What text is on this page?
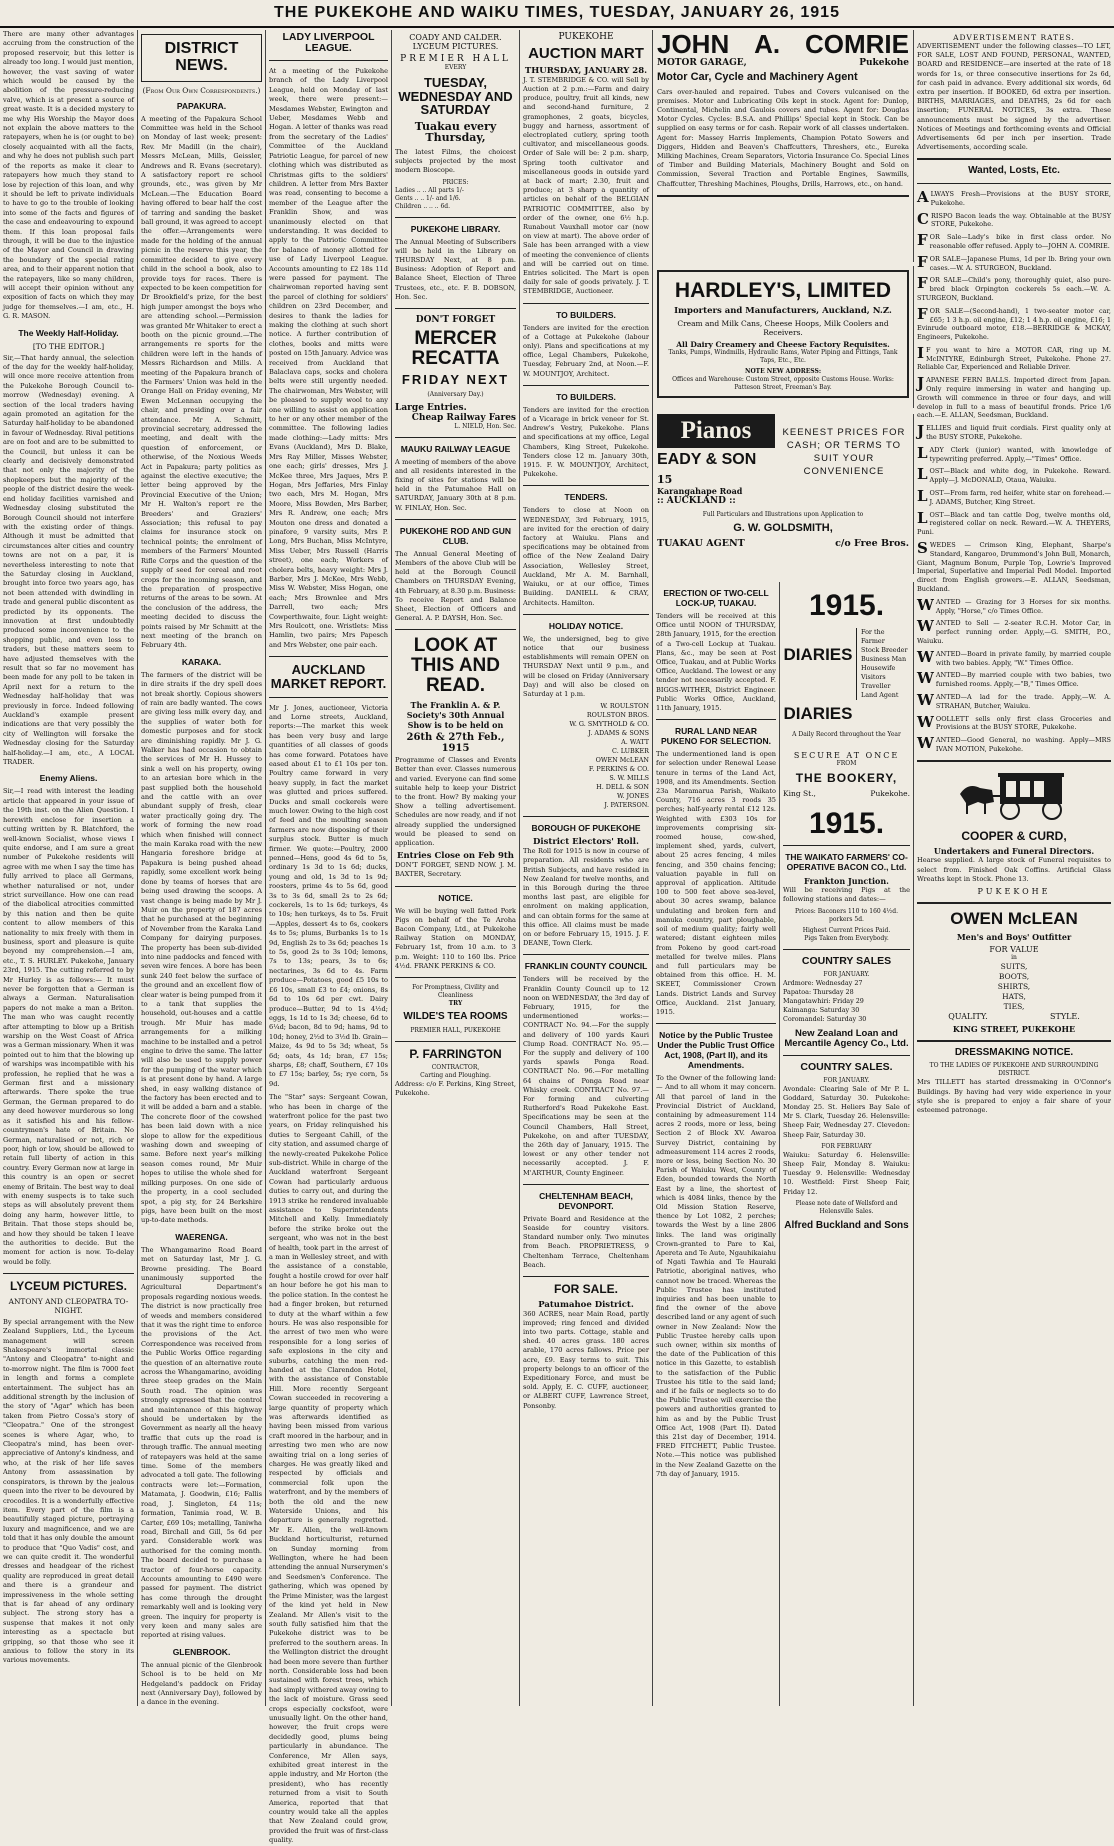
THE PUKEKOHE AND WAIKU TIMES, TUESDAY, JANUARY 26, 1915

There are many other advantages accruing from the construction of the proposed reservoir, but this letter is already too long. I would just mention, however, the vast saving of water which would be caused by the abolition of the pressure-reducing valve, which is at present a source of great waste. It is a decided mystery to me why His Worship the Mayor does not explain the above matters to the ratepayers, when he is (or ought to be) closely acquainted with all the facts, and why he does not publish such part of the reports as make it clear to ratepayers how much they stand to lose by rejection of this loan, and why it should be left to private individuals to have to go to the trouble of looking into some of the facts and figures of the case and endeavouring to expound them. If this loan proposal fails through, it will be due to the injustice of the Mayor and Council in drawing the boundary of the special rating area, and to their apparent notion that the ratepayers, like so many children, will accept their opinion without any exposition of facts on which they may judge for themselves.—I am, etc., H. G. R. MASON.

The Weekly Half-Holiday.
[TO THE EDITOR.]

Sir,—That hardy annual, the selection of the day for the weekly half-holiday, will once more receive attention from the Pukekohe Borough Council to-morrow (Wednesday) evening. A section of the local traders having again promoted an agitation for the Saturday half-holiday to be abandoned in favour of Wednesday. Rival petitions are on foot and are to be submitted to the Council, but unless it can be clearly and decisively demonstrated that not only the majority of the shopkeepers but the majority of the people of the district desire the week-end holiday facilities varnished and Wednesday closing substituted the Borough Council should not interfere with the existing order of things. Although it must be admitted that circumstances alter cities and country towns are not on a par, it is nevertheless interesting to note that the Saturday closing in Auckland, brought into force two years ago, has not been attended with dwindling in trade and general public discontent as predicted by its opponents. The innovation at first undoubtedly produced some inconvenience to the shopping public, and even loss to traders, but these matters seem to have adjusted themselves with the result that so far no movement has been made for any poll to be taken in April next for a return to the Wednesday half-holiday that was previously in force. Indeed following Auckland's example present indications are that very possibly the city of Wellington will forsake the Wednesday closing for the Saturday half-holiday.—I am, etc., A LOCAL TRADER.

Enemy Aliens.

Sir,—I read with interest the leading article that appeared in your issue of the 19th inst. on the Alien Question. I herewith enclose for insertion a cutting written by R. Blatchford, the well-known Socialist, whose views I quite endorse, and I am sure a great number of Pukekohe residents will agree with me when I say the time has fully arrived to place all Germans, whether naturalised or not, under strict surveillance. How one can read of the diabolical atrocities committed by this nation and then be quite content to allow members of this nationality to mix freely with them in business, sport and pleasure is quite beyond my comprehension.—I am, etc., T. S. HURLEY. Pukekohe, January 23rd, 1915. The cutting referred to by Mr Hurley is as follows:— It must never be forgotten that a German is always a German. Naturalisation papers do not make a man a Briton. The man who was caught recently after attempting to blow up a British warship on the West Coast of Africa was a German missionary. When it was pointed out to him that the blowing up of warships was incompatible with his profession, he replied that he was a German first and a missionary afterwards. There spoke the true German, the German prepared to do any deed however murderous so long as it satisfied his and his fellow-countrymen's hate of Britain. No German, naturalised or not, rich or poor, high or low, should be allowed to retain full liberty of action in this country. Every German now at large in this country is an open or secret enemy of Britain. The best way to deal with enemy suspects is to take such steps as will absolutely prevent them doing any harm, however little, to Britain. That those steps should be, and how they should be taken I leave the authorities to decide. But the moment for action is now. To-delay would be folly.

LYCEUM PICTURES.
ANTONY AND CLEOPATRA TO-NIGHT.

By special arrangement with the New Zealand Suppliers, Ltd., the Lyceum management will screen Shakespeare's immortal classic "Antony and Cleopatra" to-night and to-morrow night. The film is 7000 feet in length and forms a complete entertainment. The subject has an additional strength by the inclusion of the story of "Agar" which has been taken from Pietro Cossa's story of "Cleopatra." One of the strongest scenes is where Agar, who, to Cleopatra's mind, has been over-appreciative of Antony's kindness, and who, at the risk of her life saves Antony from assassination by conspirators, is thrown by the jealous queen into the river to be devoured by crocodiles. It is a wonderfully effective item. Every part of the film is a beautifully staged picture, portraying luxury and magnificence, and we are told that it has only double the amount to produce that "Quo Vadis" cost, and we can quite credit it. The wonderful dresses and headgear of the richest quality are reproduced in great detail and there is a grandeur and impressiveness in the whole setting that is far ahead of any ordinary subject. The strong story has a suspense that makes it not only interesting as a spectacle but gripping, so that those who see it anxious to follow the story in its various movements.

DISTRICT NEWS.
(From Our Own Correspondents.)
PAPAKURA.

A meeting of the Papakura School Committee was held in the School on Monday of last week; present: Rev. Mr Madill (in the chair), Messrs McLean, Mills, Geissler, Andrews and R. Evans (secretary). A satisfactory report re school grounds, etc., was given by Mr McLean.—The Education Board having offered to bear half the cost of tarring and sanding the basket ball ground, it was agreed to accept the offer.—Arrangements were made for the holding of the annual picnic in the reserve this year, the committee decided to give every child in the school a book, also to provide toys for races. There is expected to be keen competition for Dr Brookfield's prize, for the best high jumper amongst the boys who are attending school.—Permission was granted Mr Whitaker to erect a booth on the picnic ground.—The arrangements re sports for the children were left in the hands of Messrs Richardson and Mills. A meeting of the Papakura branch of the Farmers' Union was held in the Orange Hall on Friday evening, Mr Ewen McLennan occupying the chair, and presiding over a fair attendance. Mr A. Schmitt, provincial secretary, addressed the meeting, and dealt with the question of enforcement, or otherwise, of the Noxious Weeds Act in Papakura; party politics as against the elective executive; the letter being approved by the Provincial Executive of the Union; Mr H. Walton's report re the Breeders' and Graziers' Association; this refusal to pay claims for insurance stock on technical points; the enrolment of members of the Farmers' Mounted Rifle Corps and the question of the supply of seed for cereal and root crops for the incoming season, and the preparation of prospective returns of the areas to be sown. At the conclusion of the address, the meeting decided to discuss the points raised by Mr Schmitt at the next meeting of the branch on February 4th.

KARAKA.

The farmers of the district will be in dire straits if the dry spell does not break shortly. Copious showers of rain are badly wanted. The cows are giving less milk every day, and the supplies of water both for domestic purposes and for stock are diminishing rapidly. Mr J. G. Walker has had occasion to obtain the services of Mr H. Hussey to sink a well on his property, owing to an artesian bore which in the past supplied both the household and the cattle with an over abundant supply of fresh, clear water practically going dry. The work of forming the new road which when finished will connect the main Karaka road with the new Hangaria foreshore bridge at Papakura is being pushed ahead rapidly, some excellent work being done by teams of horses that are being used drawing the scoops. A vast change is being made by Mr J. Muir on the property of 187 acres that he purchased at the beginning of November from the Karaka Land Company for dairying purposes. The property has been sub-divided into nine paddocks and fenced with seven wire fences. A bore has been sunk 240 feet below the surface of the ground and an excellent flow of clear water is being pumped from it to a tank that supplies the household, out-houses and a cattle trough. Mr Muir has made arrangements for a milking machine to be installed and a petrol engine to drive the same. The latter will also be used to supply power for the pumping of the water which is at present done by hand. A large shed, in easy walking distance of the factory has been erected and to it will be added a barn and a stable. The concrete floor of the cowshed has been laid down with a nice slope to allow for the expeditious washing down and sweeping of same. Before next year's milking season comes round, Mr Muir hopes to utilise the whole shed for milking purposes. On one side of the property, in a cool secluded spot, a pig sty, for 24 Berkshire pigs, have been built on the most up-to-date methods.

WAERENGA.

The Whangamarino Road Board met on Saturday last, Mr J. G. Browne presiding. The Board unanimously supported the Agricultural Department's proposals regarding noxious weeds. The district is now practically free of weeds and members considered that it was the right time to enforce the provisions of the Act. Correspondence was received from the Public Works Office regarding the question of an alternative route across the Whangamarino, avoiding three steep grades on the Main South road. The opinion was strongly expressed that the control and maintenance of this highway should be undertaken by the Government as nearly all the heavy traffic that cuts up the road is through traffic. The annual meeting of ratepayers was held at the same time. Some of the members advocated a toll gate. The following contracts were let:—Formation, Matamata, J. Goodwin, £16; Fallis road, J. Singleton, £4 11s; formation, Tanimia road, W. B. Carter, £69 10s; metalling, Taniwha road, Birchall and Gill, 5s 6d per yard. Considerable work was authorised for the coming month. The board decided to purchase a tractor of four-horse capacity. Accounts amounting to £490 were passed for payment. The district has come through the drought remarkably well and is looking very green. The inquiry for property is very keen and many sales are reported at rising values.

GLENBROOK.

The annual picnic of the Glenbrook School is to be held on Mr Hedgeland's paddock on Friday next (Anniversary Day), followed by a dance in the evening.

LADY LIVERPOOL LEAGUE.

At a meeting of the Pukekohe branch of the Lady Liverpool League, held on Monday of last week, there were present:—Mesdames Webster, Ewington and Ueber, Mesdames Webb and Hogan. A letter of thanks was read from the secretary of the Ladies' Committee of the Auckland Patriotic League, for parcel of new clothing which was distributed as Christmas gifts to the soldiers' children. A letter from Mrs Baxter was read, consenting to become a member of the League after the Franklin Show, and was unanimously elected on that understanding. It was decided to apply to the Patriotic Committee for balance of money allotted for use of Lady Liverpool League. Accounts amounting to £2 18s 11d were passed for payment. The chairwoman reported having sent the parcel of clothing for soldiers' children on 23rd December, and desires to thank the ladies for making the clothing at such short notice. A further contribution of clothes, books and mitts were posted on 15th January. Advice was received from Auckland that Balaclava caps, socks and cholera belts were still urgently needed. The chairwoman, Mrs Webster, will be pleased to supply wool to any one willing to assist on application to her or any other member of the committee. The following ladies made clothing:—Lady mitts: Mrs Evans (Auckland), Mrs D. Blake, Mrs Ray Miller, Misses Webster, one each; girls' dresses, Mrs J. McKee three, Mrs Jaques, Mrs P. Hogan, Mrs Jeffaries, Mrs Finlay two each, Mrs M. Hogan, Mrs Moore, Miss Bowden, Mrs Barber, Mrs R. Andrew, one each; Mrs Mouton one dress and donated a pinafore, 9 varsity suits, Mrs P. Long, Mrs Buchan, Miss McIntyre, Miss Ueber, Mrs Russell (Harris street), one each; Workers of cholera belts, heavy weight: Mrs J. Barber, Mrs J. McKee, Mrs Webb, Miss W. Webster, Miss Hogan, one each; Mrs Brownlee and Mrs Darrell, two each; Mrs Cowperthwaite, four. Light weight: Mrs Roulcott, one. Wristlets: Miss Hamlin, two pairs; Mrs Papesch and Mrs Webster, one pair each.

AUCKLAND MARKET REPORT.

Mr J. Jones, auctioneer, Victoria and Lorne streets, Auckland, reports:—The market this week has been very busy and large quantities of all classes of goods has come forward. Potatoes have eased about £1 to £1 10s per ton. Poultry came forward in very heavy supply, in fact the market was glutted and prices suffered. Ducks and small cockerels were much lower. Owing to the high cost of feed and the moulting season farmers are now disposing of their surplus stock. Butter is much firmer. We quote:—Poultry, 2000 penned—Hens, good 4s 6d to 5s, ordinary 1s 3d to 1s 6d; ducks, young and old, 1s 3d to 1s 9d; roosters, prime 4s to 5s 6d, good 3s to 3s 6d, small 2s to 2s 6d; cockerels, 1s to 1s 6d; turkeys, 4s to 10s; hen turkeys, 4s to 5s. Fruit—Apples, dessert 4s to 6s, cookers 4s to 5s; plums, Burbanks 1s to 1s 9d, English 2s to 3s 6d; peaches 1s to 5s, good 2s to 3s 10d; lemons, 7s to 13s; pears, 3s to 6s; nectarines, 3s 6d to 4s. Farm produce—Potatoes, good £5 10s to £6 10s, small £3 to £4; onions, 8s 6d to 10s 6d per cwt. Dairy produce—Butter, 9d to 1s 4½d; eggs, 1s 1d to 1s 3d; cheese, 6d to 6¼d; bacon, 8d to 9d; hams, 9d to 10d; honey, 2½d to 3½d lb. Grain—Maize, 4s 9d to 5s 3d; wheat, 5s 6d; oats, 4s 1d; bran, £7 15s; sharps, £8; chaff, Southern, £7 10s to £7 15s; barley, 5s; rye corn, 5s 9d.

The "Star" says: Sergeant Cowan, who has been in charge of the waterfront police for the past two years, on Friday relinquished his duties to Sergeant Cahill, of the city station, and assumed charge of the newly-created Pukekohe Police sub-district. While in charge of the Auckland waterfront Sergeant Cowan had particularly arduous duties to carry out, and during the 1913 strike he rendered invaluable assistance to Superintendents Mitchell and Kelly. Immediately before the strike broke out the sergeant, who was not in the best of health, took part in the arrest of a man in Wellesley street, and with the assistance of a constable, fought a hostile crowd for over half an hour before he got his man to the police station. In the contest he had a finger broken, but returned to duty at the wharf within a few hours. He was also responsible for the arrest of two men who were responsible for a long series of safe explosions in the city and suburbs, catching the men red-handed at the Clarendon Hotel, with the assistance of Constable Hill. More recently Sergeant Cowan succeeded in recovering a large quantity of property which was afterwards identified as having been missed from various craft moored in the harbour, and in arresting two men who are now awaiting trial on a long series of charges. He was greatly liked and respected by officials and commercial folk upon the waterfront, and by the members of both the old and the new Waterside Unions, and his departure is generally regretted. Mr E. Allen, the well-known Buckland horticulturist, returned on Sunday morning from Wellington, where he had been attending the annual Nurserymen's and Seedsmen's Conference. The gathering, which was opened by the Prime Minister, was the largest of the kind yet held in New Zealand. Mr Allen's visit to the south fully satisfied him that the Pukekohe district was to be preferred to the southern areas. In the Wellington district the drought had been more severe than further north. Considerable loss had been sustained with forest trees, which had simply withered away owing to the lack of moisture. Grass seed crops especially cocksfoot, were unusually light. On the other hand, however, the fruit crops were decidedly good, plums being particularly in abundance. The Conference, Mr Allen says, exhibited great interest in the apple industry, and Mr Horton (the president), who has recently returned from a visit to South America, reported that that country would take all the apples that New Zealand could grow, provided the fruit was of first-class quality.

COADY AND CALDER.
LYCEUM PICTURES.
PREMIER HALL
EVERY
TUESDAY, WEDNESDAY AND SATURDAY
Tuakau every Thursday,

The latest Films, the choicest subjects projected by the most modern Bioscope.

PRICES:
Ladies .. .. All parts 1/-
Gents .. .. 1/- and 1/6.
Children .. .. .. 6d.
PUKEKOHE LIBRARY.

The Annual Meeting of Subscribers will be held in the Library on THURSDAY Next, at 8 p.m. Business: Adoption of Report and Balance Sheet, Election of Three Trustees, etc., etc. F. B. DOBSON, Hon. Sec.

DON'T FORGET
MERCER RECATTA
FRIDAY NEXT
(Anniversary Day.)
Large Entries.
Cheap Railway Fares
L. NIELD, Hon. Sec.
MAUKU RAILWAY LEAGUE

A meeting of members of the above and all residents interested in the fixing of sites for stations will be held in the Patumahoe Hall on SATURDAY, January 30th at 8 p.m. W. FINLAY, Hon. Sec.

PUKEKOHE ROD AND GUN CLUB.

The Annual General Meeting of Members of the above Club will be held at the Borough Council Chambers on THURSDAY Evening, 4th February, at 8.30 p.m. Business: To receive Report and Balance Sheet, Election of Officers and General. A. P. DAYSH, Hon. Sec.

LOOK AT THIS AND READ.
The Franklin A. & P. Society's 30th Annual Show is to be held on
26th & 27th Feb., 1915

Programme of Classes and Events Better than ever. Classes numerous and varied. Everyone can find some suitable help to keep your District to the front. How? By making your Show a telling advertisement. Schedules are now ready, and if not already supplied the undersigned would be pleased to send on application.

Entries Close on Feb 9th

DON'T FORGET, SEND NOW. J. M. BAXTER, Secretary.

NOTICE.

We will be buying well fatted Pork Pigs on behalf of the Te Aroha Bacon Company, Ltd., at Pukekohe Railway Station on MONDAY, February 1st, from 10 a.m. to 3 p.m. Weight: 110 to 160 lbs. Price 4½d. FRANK PERKINS & CO.

For Promptness, Civility and Cleanliness
TRY
WILDE'S TEA ROOMS
PREMIER HALL, PUKEKOHE
P. FARRINGTON
CONTRACTOR,
Carting and Ploughing.

Address: c/o F. Perkins, King Street, Pukekohe.

PUKEKOHE
AUCTION MART
THURSDAY, JANUARY 28.

J. T. STEMBRIDGE & CO. will Sell by Auction at 2 p.m.:—Farm and dairy produce, poultry, fruit all kinds, new and second-hand furniture, 2 gramophones, 2 goats, bicycles, buggy and harness, assortment of electroplated cutlery, spring tooth cultivator, and miscellaneous goods. Order of Sale will be: 2 p.m. sharp, Spring tooth cultivator and miscellaneous goods in outside yard at back of mart; 2.30, fruit and produce; at 3 sharp a quantity of articles on behalf of the BELGIAN PATRIOTIC COMMITTEE, also by order of the owner, one 6½ h.p. Runabout Vauxhall motor car (now on view at mart). The above order of Sale has been arranged with a view of meeting the convenience of clients and will be carried out on time. Entries solicited. The Mart is open daily for sale of goods privately. J. T. STEMBRIDGE, Auctioneer.

TO BUILDERS.

Tenders are invited for the erection of a Cottage at Pukekohe (labour only). Plans and specifications at my office, Legal Chambers, Pukekohe, Tuesday, February 2nd, at Noon.—F. W. MOUNTJOY, Architect.

TO BUILDERS.

Tenders are invited for the erection of a Vicarage in brick veneer for St. Andrew's Vestry, Pukekohe. Plans and specifications at my office, Legal Chambers, King Street, Pukekohe. Tenders close 12 m. January 30th, 1915. F. W. MOUNTJOY, Architect, Pukekohe.

TENDERS.

Tenders to close at Noon on WEDNESDAY, 3rd February, 1915, are invited for the erection of dairy factory at Waiuku. Plans and specifications may be obtained from office of the New Zealand Dairy Association, Wellesley Street, Auckland, Mr A. M. Barnhall, Waiuku, or at our office, Times Building. DANIELL & CRAY, Architects. Hamilton.

HOLIDAY NOTICE.

We, the undersigned, beg to give notice that our business establishments will remain OPEN on THURSDAY Next until 9 p.m., and will be closed on Friday (Anniversary Day) and will also be closed on Saturday at 1 p.m.

W. ROULSTON
ROULSTON BROS.
W. G. SMYTHOLD & CO.
J. ADAMS & SONS
A. WATT
C. LUBKER
OWEN McLEAN
F. PERKINS & CO.
S. W. MILLS
H. DELL & SON
W. JONES
J. PATERSON.
BOROUGH OF PUKEKOHE
District Electors' Roll.

The Roll for 1915 is now in course of preparation. All residents who are British Subjects, and have resided in New Zealand for twelve months, and in this Borough during the three months last past, are eligible for enrolment on making application, and can obtain forms for the same at this office. All claims must be made on or before February 15, 1915. J. F. DEANE, Town Clerk.

FRANKLIN COUNTY COUNCIL

Tenders will be received by the Franklin County Council up to 12 noon on WEDNESDAY, the 3rd day of February, 1915, for the undermentioned works:— CONTRACT No. 94.—For the supply and delivery of 100 yards Kauri Clump Road. CONTRACT No. 95.—For the supply and delivery of 100 yards spawls Ponga Road. CONTRACT No. 96.—For metalling 64 chains of Ponga Road near Whisky creek. CONTRACT No. 97.—For forming and culverting Rutherford's Road Pukekohe East. Specifications may be seen at the Council Chambers, Hall Street, Pukekohe, on and after TUESDAY, the 26th day of January, 1915. The lowest or any other tender not necessarily accepted. J. F. M'ARTHUR, County Engineer.

CHELTENHAM BEACH, DEVONPORT.

Private Board and Residence at the Seaside for country visitors. Standard number only. Two minutes from Beach. PROPRIETRESS, 9 Cheltenham Terrace, Cheltenham Beach.

FOR SALE.
Patumahoe District.

360 ACRES, near Main Road, partly improved; ring fenced and divided into two parts. Cottage, stable and shed. 40 acres grass. 180 acres arable, 170 acres fallows. Price per acre, £9. Easy terms to suit. This property belongs to an officer of the Expeditionary Force, and must be sold. Apply, E. C. CUFF, auctioneer, or ALBERT CUFF, Lawrence Street, Ponsonby.

JOHN A. COMRIE
MOTOR GARAGE,	Pukekohe
Motor Car, Cycle and Machinery Agent

Cars over-hauled and repaired. Tubes and Covers vulcanised on the premises. Motor and Lubricating Oils kept in stock. Agent for: Dunlop, Continental, Michelin and Gaulois covers and tubes. Agent for: Douglas Motor Cycles. Cycles: B.S.A. and Phillips' Special kept in Stock. Can be supplied on easy terms or for cash. Repair work of all classes undertaken. Agent for: Massey Harris Implements, Champion Potato Sowers and Diggers, Hidden and Beaven's Chaffcutters, Threshers, etc., Eureka Milking Machines, Cream Separators, Victoria Insurance Co. Special Lines of Timber and Building Materials, Machinery Bought and Sold on Commission, Several Traction and Portable Engines, Sawmills, Chaffcutter, Threshing Machines, Ploughs, Drills, Harrows, etc., on hand.

HARDLEY'S, LIMITED
Importers and Manufacturers, Auckland, N.Z.
Cream and Milk Cans, Cheese Hoops, Milk Coolers and Receivers.
All Dairy Creamery and Cheese Factory Requisites.
Tanks, Pumps, Windmills, Hydraulic Rams, Water Piping and Fittings, Tank Taps, Etc., Etc.
NOTE NEW ADDRESS:
Offices and Warehouse: Custom Street, opposite Customs House. Works: Patteson Street, Freeman's Bay.
Pianos
EADY & SON
15
Karangahape Road
:: AUCKLAND ::
KEENEST PRICES FOR CASH; OR TERMS TO SUIT YOUR CONVENIENCE
Full Particulars and Illustrations upon Application to
G. W. GOLDSMITH,
TUAKAU AGENT	c/o Free Bros.
ERECTION OF TWO-CELL LOCK-UP, TUAKAU.

Tenders will be received at this Office until NOON of THURSDAY, 28th January, 1915, for the erection of a Two-cell Lockup at Tuakau. Plans, &c., may be seen at Post Office, Tuakau, and at Public Works Office, Auckland. The lowest or any tender not necessarily accepted. F. BIGGS-WITHER, District Engineer. Public Works Office, Auckland, 11th January, 1915.

RURAL LAND NEAR PUKENO FOR SELECTION.

The undermentioned land is open for selection under Renewal Lease tenure in terms of the Land Act, 1908, and its Amendments. Section 23a Maramarua Parish, Waikato County, 716 acres 3 roods 35 perches; half-yearly rental £12 12s. Weighted with £303 10s for improvements comprising six-roomed house, cow-shed, implement shed, yards, culvert, about 25 acres fencing, 4 miles fencing, and 350 chains fencing; valuation payable in full on approval of application. Altitude 100 to 500 feet above sea-level, about 30 acres swamp, balance undulating and broken fern and manuka country, part ploughable, soil of medium quality; fairly well watered; distant eighteen miles from Pokeno by good cart-road metalled for twelve miles. Plans and full particulars may be obtained from this office. H. M. SKEET, Commissioner Crown Lands. District Lands and Survey Office, Auckland. 21st January, 1915.

Notice by the Public Trustee Under the Public Trust Office Act, 1908, (Part II), and its Amendments.

To the Owner of the following land:— And to all whom it may concern. All that parcel of land in the Provincial District of Auckland, containing by admeasurement 114 acres 2 roods, more or less, being Section 2 of Block XV. Awaroa Survey District, containing by admeasurement 114 acres 2 roods, more or less, being Section No. 30 Parish of Waiuku West, County of Eden, bounded towards the North East by a line, the shortest of which is 4084 links, thence by the Old Mission Station Reserve, thence by Lot 1082, 2 perches; towards the West by a line 2806 links. The land was originally Crown-granted to Pare to Kai, Apereta and Te Aute, Ngauhikaiahu of Ngati Tawhia and Te Hauraki Patriotic, aboriginal natives, who cannot now be traced. Whereas the Public Trustee has instituted inquiries and has been unable to find the owner of the above described land or any agent of such owner in New Zealand: Now the Public Trustee hereby calls upon such owner, within six months of the date of the Publication of this notice in this Gazette, to establish to the satisfaction of the Public Trustee his title to the said land; and if he fails or neglects so to do the Public Trustee will exercise the powers and authorities granted to him as and by the Public Trust Office Act, 1908 (Part II). Dated this 21st day of December, 1914. FRED FITCHETT, Public Trustee. Note.—This notice was published in the New Zealand Gazette on the 7th day of January, 1915.

1915.
DIARIES
DIARIES
For the
Farmer
Stock Breeder
Business Man
Housewife
Visitors
Traveller
Land Agent
A Daily Record throughout the Year
SECURE AT ONCE
FROM
THE BOOKERY,
King St.,	Pukekohe.
1915.
THE WAIKATO FARMERS' CO-OPERATIVE BACON CO., Ltd.
Frankton Junction.

Will be receiving Pigs at the following stations and dates:—

Prices: Baconers 110 to 160 4½d. porkers 5d.
Highest Current Prices Paid.
Pigs Taken from Everybody.
COUNTRY SALES
FOR JANUARY.
Ardmore: Wednesday 27
Papatoa: Thursday 28
Mangatawhiri: Friday 29
Kaimanga: Saturday 30
Coromandel: Saturday 30
New Zealand Loan and Mercantile Agency Co., Ltd.
COUNTRY SALES.
FOR JANUARY.

Avondale: Clearing Sale of Mr P. L. Goddard, Saturday 30. Pukekohe: Monday 25. St. Heliers Bay Sale of Mr S. Clark, Tuesday 26. Helensville: Sheep Fair, Wednesday 27. Clevedon: Sheep Fair, Saturday 30.

FOR FEBRUARY

Waiuku: Saturday 6. Helensville: Sheep Fair, Monday 8. Waiuku: Tuesday 9. Helensville: Wednesday 10. Westfield: First Sheep Fair, Friday 12.

Please note date of Wellsford and Helensville Sales.
Alfred Buckland and Sons
ADVERTISEMENT RATES.

ADVERTISEMENT under the following classes—TO LET, FOR SALE, LOST AND FOUND, PERSONAL, WANTED, BOARD and RESIDENCE—are inserted at the rate of 18 words for 1s, or three consecutive insertions for 2s 6d, for cash paid in advance. Every additional six words, 6d extra per insertion. If BOOKED, 6d extra per insertion. BIRTHS, MARRIAGES, and DEATHS, 2s 6d for each insertion; FUNERAL NOTICES, 3s extra. These announcements must be signed by the advertiser. Notices of Meetings and forthcoming events and Official Advertisements 6d per inch per insertion. Trade Advertisements, according scale.

Wanted, Losts, Etc.
ALWAYS Fresh—Provisions at the BUSY STORE, Pukekohe.
CRISPO Bacon leads the way. Obtainable at the BUSY STORE, Pukekohe.
FOR Sale—Lady's bike in first class order. No reasonable offer refused. Apply to—JOHN A. COMRIE.
FOR SALE—Japanese Plums, 1d per lb. Bring your own cases.—W. A. STURGEON, Buckland.
FOR SALE—Child's pony, thoroughly quiet, also pure-bred black Orpington cockerels 5s each.—W. A. STURGEON, Buckland.
FOR SALE—(Second-hand), 1 two-seater motor car, £65; 1 3 h.p. oil engine, £12; 1 4 h.p. oil engine, £16; 1 Evinrude outboard motor, £18.—BERRIDGE & MCKAY, Engineers, Pukekohe.
I F you want to hire a MOTOR CAR, ring up M. McINTYRE, Edinburgh Street, Pukekohe. Phone 27. Reliable Car, Experienced and Reliable Driver.
JAPANESE FERN BALLS. Imported direct from Japan. Only require immersing in water and hanging up. Growth will commence in three or four days, and will develop in full to a mass of beautiful fronds. Price 1/6 each.—E. ALLAN, Seedsman, Buckland.
JELLIES and liquid fruit cordials. First quality only at the BUSY STORE, Pukekohe.
LADY Clerk (junior) wanted, with knowledge of typewriting preferred. Apply,—"Times" Office.
LOST—Black and white dog, in Pukekohe. Reward. Apply—J. McDONALD, Otaua, Waiuku.
LOST—From farm, red heifer, white star on forehead.—J. ADAMS, Butcher, King Street.
LOST—Black and tan cattle Dog, twelve months old, registered collar on neck. Reward.—W. A. THEYERS, Puni.
SWEDES — Crimson King, Elephant, Sharpe's Standard, Kangaroo, Drummond's John Bull, Monarch, Giant, Magnum Bonum, Purple Top, Lowrie's Improved Imperial, Superlative and Imperial Pedl Model. Imported direct from English growers.—E. ALLAN, Seedsman, Buckland.
WANTED — Grazing for 3 Horses for six months. Apply, "Horse," c/o Times Office.
WANTED to Sell — 2-seater R.C.H. Motor Car, in perfect running order. Apply,—G. SMITH, P.O., Waiuku.
WANTED—Board in private family, by married couple with two babies. Apply, "W." Times Office.
WANTED—By married couple with two babies, two furnished rooms. Apply,—"B," Times Office.
WANTED—A lad for the trade. Apply,—W. A. STRAHAN, Butcher, Waiuku.
WOOLLETT sells only first class Groceries and Provisions at the BUSY STORE, Pukekohe.
WANTED—Good General, no washing. Apply—MRS IVAN MOTION, Pukekohe.
COOPER & CURD,
Undertakers and Funeral Directors.

Hearse supplied. A large stock of Funeral requisites to select from. Finished Oak Coffins. Artificial Glass Wreaths kept in Stock. Phone 13.

PUKEKOHE
OWEN McLEAN
Men's and Boys' Outfitter
FOR VALUE
in
SUITS,
BOOTS,
SHIRTS,
HATS,
TIES,
QUALITY.	STYLE.
KING STREET, PUKEKOHE
DRESSMAKING NOTICE.
TO THE LADIES OF PUKEKOHE AND SURROUNDING DISTRICT.

Mrs TILLETT has started dressmaking in O'Connor's Buildings. By having had very wide experience in your style she is prepared to enjoy a fair share of your esteemed patronage.
